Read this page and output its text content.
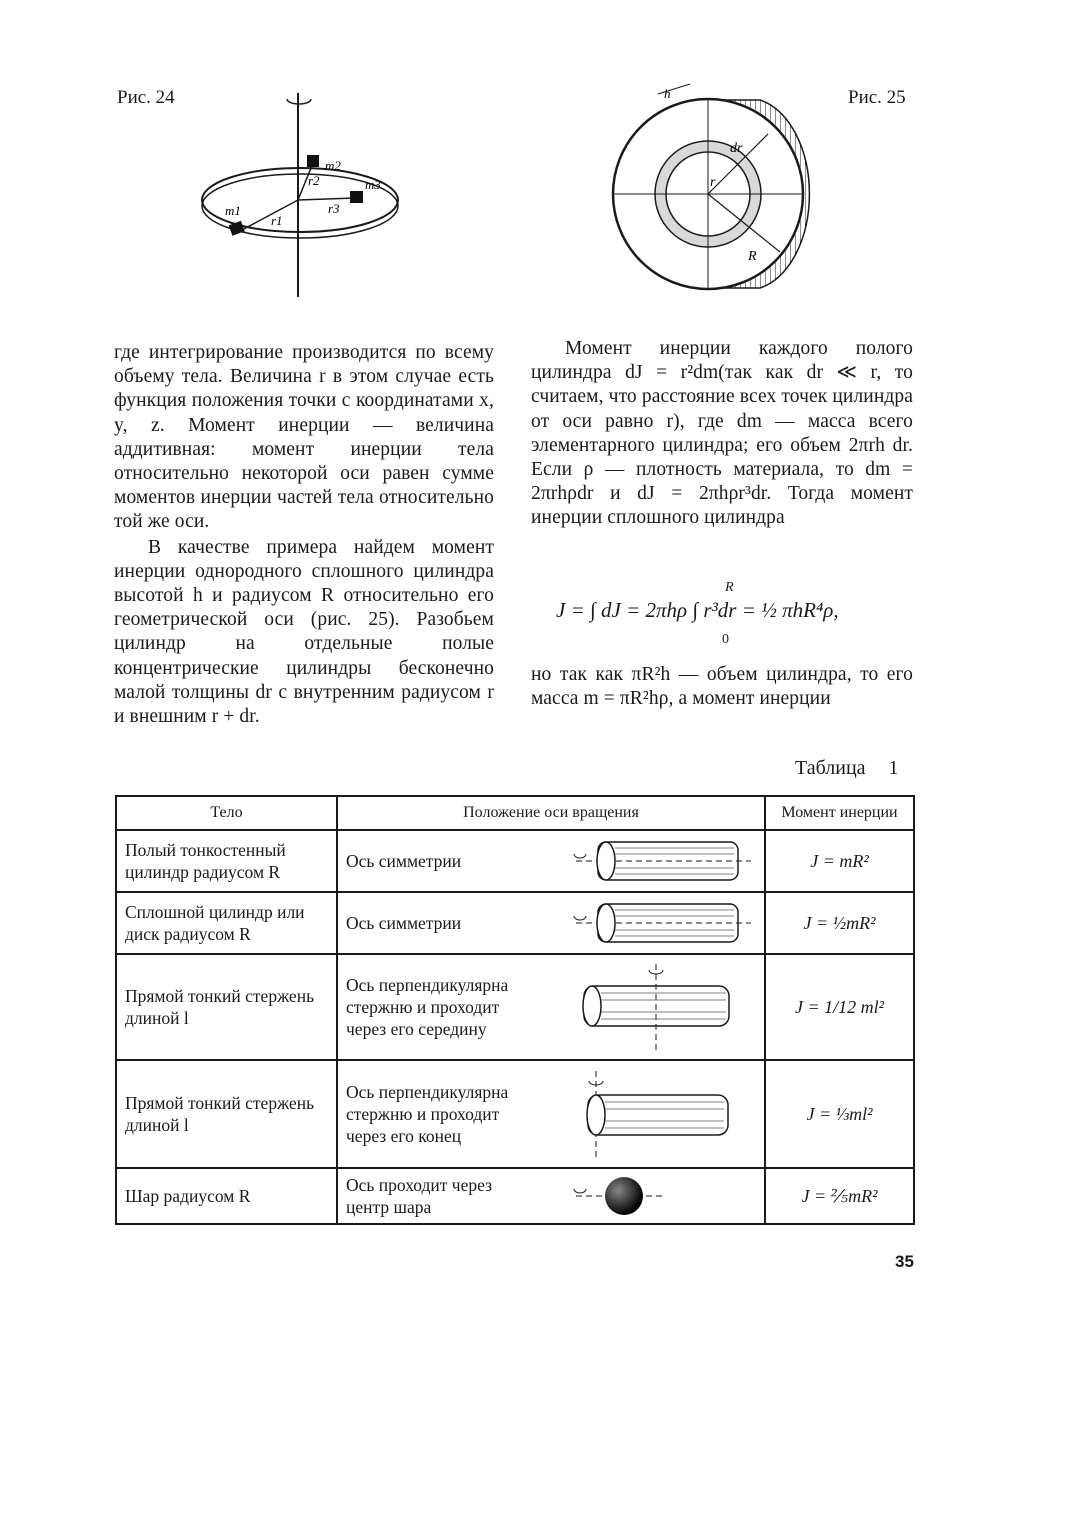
Рис. 24
m1
m2
m3
r1
r2
r3
h
dr
r
R
Рис. 25

где интегрирование производится по всему объему тела. Величина r в этом случае есть функция положения точки с координатами x, y, z. Момент инерции — величина аддитивная: момент инерции тела относительно некоторой оси равен сумме моментов инерции частей тела относительно той же оси.

В качестве примера найдем момент инерции однородного сплошного цилиндра высотой h и радиусом R относительно его геометрической оси (рис. 25). Разобьем цилиндр на отдельные полые концентрические цилиндры бесконечно малой толщины dr с внутренним радиусом r и внешним r + dr.

Момент инерции каждого полого цилиндра dJ = r²dm(так как dr ≪ r, то считаем, что расстояние всех точек цилиндра от оси равно r), где dm — масса всего элементарного цилиндра; его объем 2πrh dr. Если ρ — плотность материала, то dm = 2πrhρdr и dJ = 2πhρr³dr. Тогда момент инерции сплошного цилиндра

R
J = ∫ dJ = 2πhρ ∫ r³dr = ½ πhR⁴ρ,
0

но так как πR²h — объем цилиндра, то его масса m = πR²hρ, а момент инерции

Таблица 1
Тело	Положение оси вращения	Момент инерции
Полый тонкостенный цилиндр радиусом R	Ось симметрии	J = mR²
Сплошной цилиндр или диск радиусом R	Ось симметрии	J = ½mR²
Прямой тонкий стержень длиной l	Ось перпендикулярна
стержню и проходит
через его середину	J = 1/12 ml²
Прямой тонкий стержень длиной l	Ось перпендикулярна
стержню и проходит
через его конец	J = ⅓ml²
Шар радиусом R	Ось проходит через
центр шара	J = ⅖mR²
35
